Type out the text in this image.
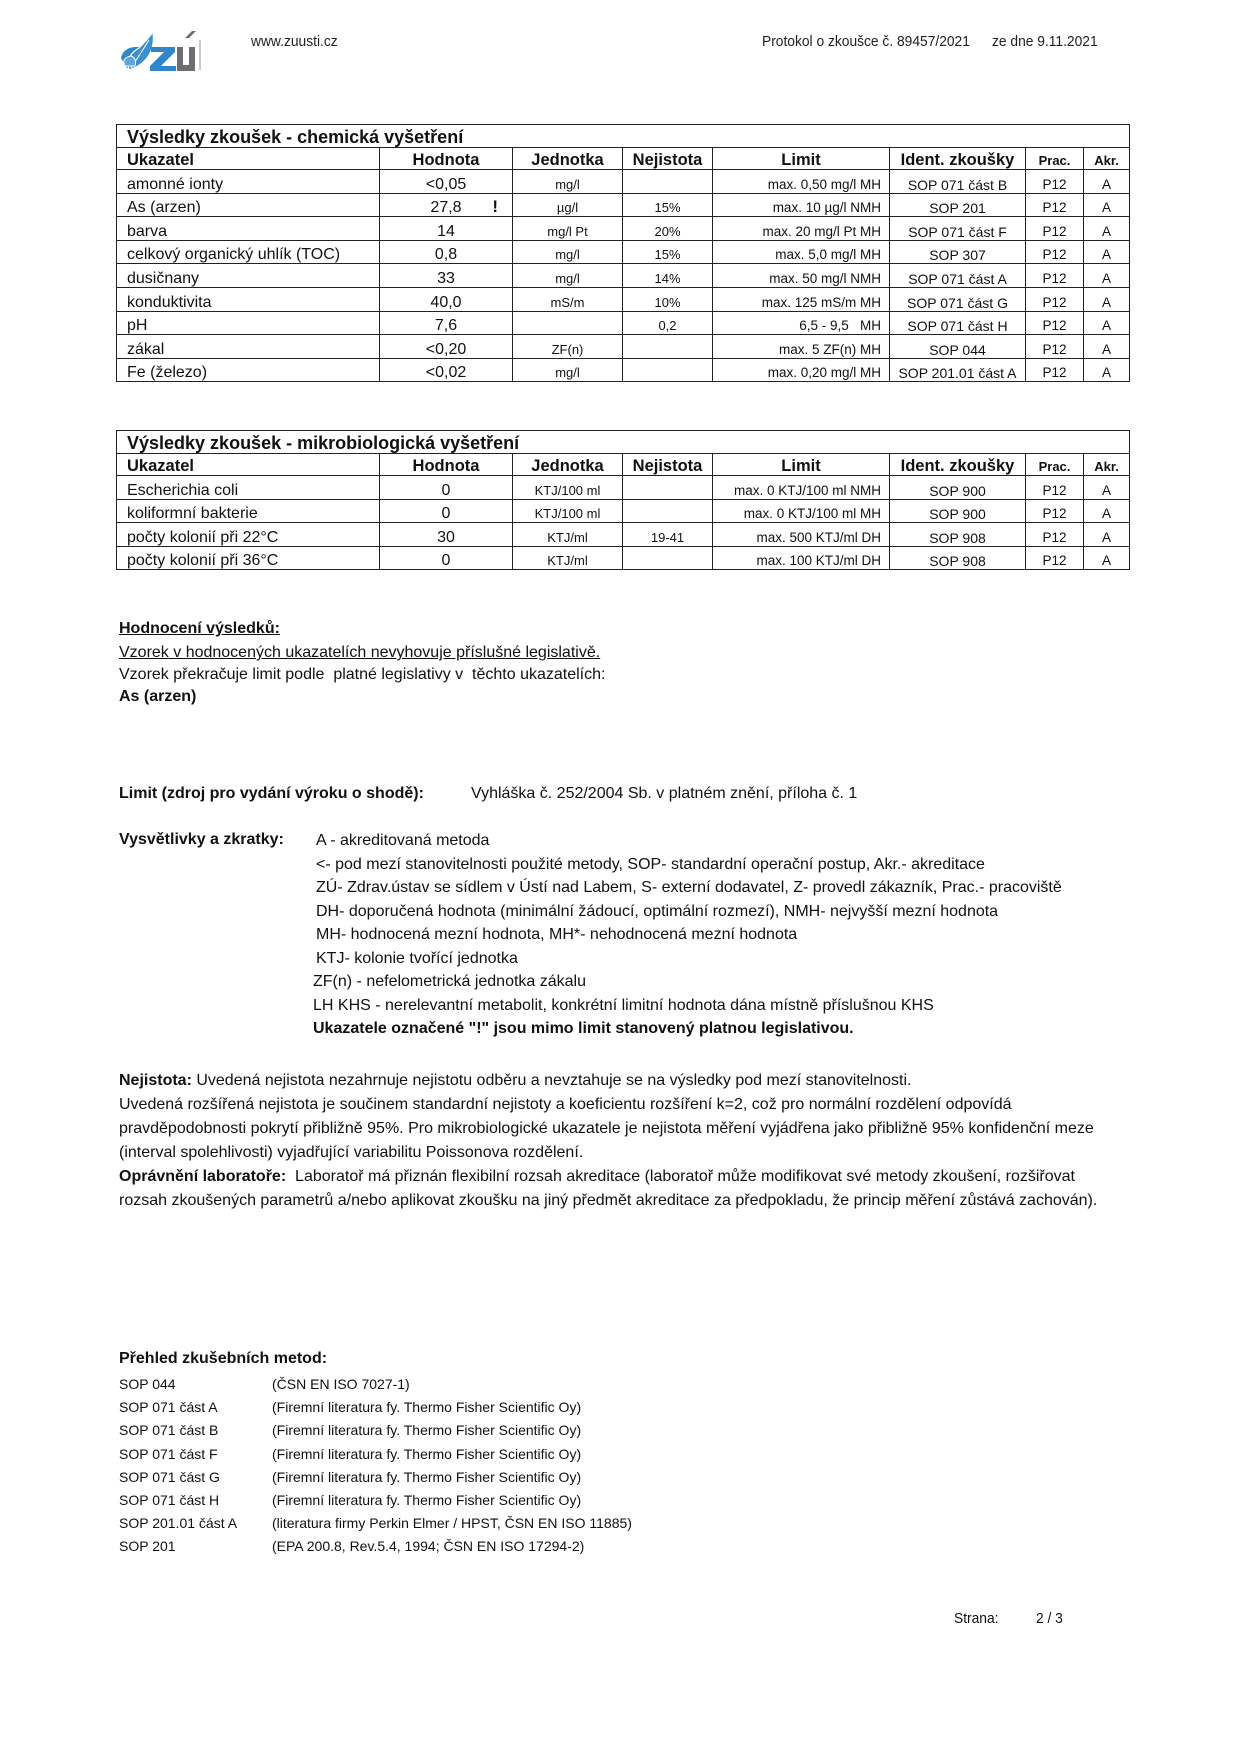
www.zuusti.cz	Protokol o zkoušce č. 89457/2021 ze dne 9.11.2021
Výsledky zkoušek - chemická vyšetření							
Ukazatel	Hodnota	Jednotka	Nejistota	Limit	Ident. zkoušky	Prac.	Akr.
amonné ionty	<0,05	mg/l		max. 0,50 mg/l MH	SOP 071 část B	P12	A
As (arzen)	27,8 !	µg/l	15%	max. 10 µg/l NMH	SOP 201	P12	A
barva	14	mg/l Pt	20%	max. 20 mg/l Pt MH	SOP 071 část F	P12	A
celkový organický uhlík (TOC)	0,8	mg/l	15%	max. 5,0 mg/l MH	SOP 307	P12	A
dusičnany	33	mg/l	14%	max. 50 mg/l NMH	SOP 071 část A	P12	A
konduktivita	40,0	mS/m	10%	max. 125 mS/m MH	SOP 071 část G	P12	A
pH	7,6		0,2	6,5 - 9,5   MH	SOP 071 část H	P12	A
zákal	<0,20	ZF(n)		max. 5 ZF(n) MH	SOP 044	P12	A
Fe (železo)	<0,02	mg/l		max. 0,20 mg/l MH	SOP 201.01 část A	P12	A
Výsledky zkoušek - mikrobiologická vyšetření							
Ukazatel	Hodnota	Jednotka	Nejistota	Limit	Ident. zkoušky	Prac.	Akr.
Escherichia coli	0	KTJ/100 ml		max. 0 KTJ/100 ml NMH	SOP 900	P12	A
koliformní bakterie	0	KTJ/100 ml		max. 0 KTJ/100 ml MH	SOP 900	P12	A
počty kolonií při 22°C	30	KTJ/ml	19-41	max. 500 KTJ/ml DH	SOP 908	P12	A
počty kolonií při 36°C	0	KTJ/ml		max. 100 KTJ/ml DH	SOP 908	P12	A
Hodnocení výsledků:
Vzorek v hodnocených ukazatelích nevyhovuje příslušné legislativě.
Vzorek překračuje limit podle  platné legislativy v  těchto ukazatelích:
As (arzen)
Limit (zdroj pro vydání výroku o shodě):	Vyhláška č. 252/2004 Sb. v platném znění, příloha č. 1
Vysvětlivky a zkratky: A - akreditovaná metoda
<- pod mezí stanovitelnosti použité metody, SOP- standardní operační postup, Akr.- akreditace
ZÚ- Zdrav.ústav se sídlem v Ústí nad Labem, S- externí dodavatel, Z- provedl zákazník, Prac.- pracoviště
DH- doporučená hodnota (minimální žádoucí, optimální rozmezí), NMH- nejvyšší mezní hodnota
MH- hodnocená mezní hodnota, MH*- nehodnocená mezní hodnota
KTJ- kolonie tvořící jednotka
ZF(n) - nefelometrická jednotka zákalu
LH KHS - nerelevantní metabolit, konkrétní limitní hodnota dána místně příslušnou KHS
Ukazatele označené "!" jsou mimo limit stanovený platnou legislativou.
Nejistota: Uvedená nejistota nezahrnuje nejistotu odběru a nevztahuje se na výsledky pod mezí stanovitelnosti.
Uvedená rozšířená nejistota je součinem standardní nejistoty a koeficientu rozšíření k=2, což pro normální rozdělení odpovídá pravděpodobnosti pokrytí přibližně 95%. Pro mikrobiologické ukazatele je nejistota měření vyjádřena jako přibližně 95% konfidenční meze (interval spolehlivosti) vyjadřující variabilitu Poissonova rozdělení.
Oprávnění laboratoře:  Laboratoř má přiznán flexibilní rozsah akreditace (laboratoř může modifikovat své metody zkoušení, rozšiřovat rozsah zkoušených parametrů a/nebo aplikovat zkoušku na jiný předmět akreditace za předpokladu, že princip měření zůstává zachován).
Přehled zkušebních metod:
SOP 044	(ČSN EN ISO 7027-1)
SOP 071 část A	(Firemní literatura fy. Thermo Fisher Scientific Oy)
SOP 071 část B	(Firemní literatura fy. Thermo Fisher Scientific Oy)
SOP 071 část F	(Firemní literatura fy. Thermo Fisher Scientific Oy)
SOP 071 část G	(Firemní literatura fy. Thermo Fisher Scientific Oy)
SOP 071 část H	(Firemní literatura fy. Thermo Fisher Scientific Oy)
SOP 201.01 část A (literatura firmy Perkin Elmer / HPST, ČSN EN ISO 11885)
SOP 201	(EPA 200.8, Rev.5.4, 1994; ČSN EN ISO 17294-2)
Strana: 2 / 3
